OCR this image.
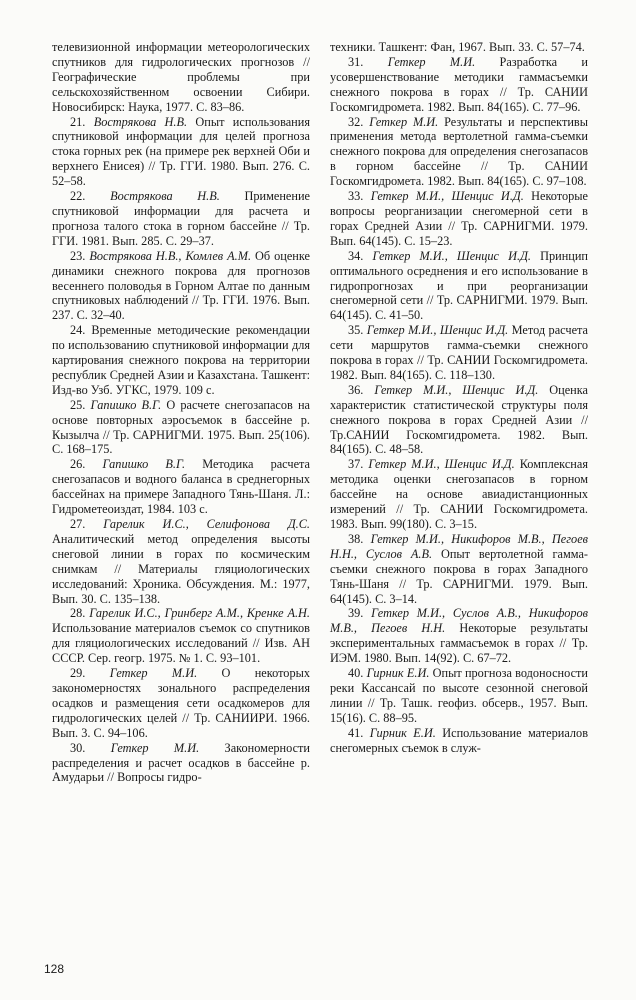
телевизионной информации метеорологических спутников для гидрологических прогнозов // Географические проблемы при сельскохозяйственном освоении Сибири. Новосибирск: Наука, 1977. С. 83–86.

21. Вострякова Н.В. Опыт использования спутниковой информации для целей прогноза стока горных рек (на примере рек верхней Оби и верхнего Енисея) // Тр. ГГИ. 1980. Вып. 276. С. 52–58.

22. Вострякова Н.В. Применение спутниковой информации для расчета и прогноза талого стока в горном бассейне // Тр. ГГИ. 1981. Вып. 285. С. 29–37.

23. Вострякова Н.В., Комлев А.М. Об оценке динамики снежного покрова для прогнозов весеннего половодья в Горном Алтае по данным спутниковых наблюдений // Тр. ГГИ. 1976. Вып. 237. С. 32–40.

24. Временные методические рекомендации по использованию спутниковой информации для картирования снежного покрова на территории республик Средней Азии и Казахстана. Ташкент: Изд-во Узб. УГКС, 1979. 109 с.

25. Гапишко В.Г. О расчете снегозапасов на основе повторных аэросъемок в бассейне р. Кызылча // Тр. САРНИГМИ. 1975. Вып. 25(106). С. 168–175.

26. Гапишко В.Г. Методика расчета снегозапасов и водного баланса в среднегорных бассейнах на примере Западного Тянь-Шаня. Л.: Гидрометеоиздат, 1984. 103 с.

27. Гарелик И.С., Селифонова Д.С. Аналитический метод определения высоты снеговой линии в горах по космическим снимкам // Материалы гляциологических исследований: Хроника. Обсуждения. М.: 1977, Вып. 30. С. 135–138.

28. Гарелик И.С., Гринберг А.М., Кренке А.Н. Использование материалов съемок со спутников для гляциологических исследований // Изв. АН СССР. Сер. геогр. 1975. № 1. С. 93–101.

29. Геткер М.И. О некоторых закономерностях зонального распределения осадков и размещения сети осадкомеров для гидрологических целей // Тр. САНИИРИ. 1966. Вып. 3. С. 94–106.

30. Геткер М.И. Закономерности распределения и расчет осадков в бассейне р. Амударьи // Вопросы гидро-

техники. Ташкент: Фан, 1967. Вып. 33. С. 57–74.

31. Геткер М.И. Разработка и усовершенствование методики гаммасъемки снежного покрова в горах // Тр. САНИИ Госкомгидромета. 1982. Вып. 84(165). С. 77–96.

32. Геткер М.И. Результаты и перспективы применения метода вертолетной гамма-съемки снежного покрова для определения снегозапасов в горном бассейне // Тр. САНИИ Госкомгидромета. 1982. Вып. 84(165). С. 97–108.

33. Геткер М.И., Шенцис И.Д. Некоторые вопросы реорганизации снегомерной сети в горах Средней Азии // Тр. САРНИГМИ. 1979. Вып. 64(145). С. 15–23.

34. Геткер М.И., Шенцис И.Д. Принцип оптимального осреднения и его использование в гидропрогнозах и при реорганизации снегомерной сети // Тр. САРНИГМИ. 1979. Вып. 64(145). С. 41–50.

35. Геткер М.И., Шенцис И.Д. Метод расчета сети маршрутов гамма-съемки снежного покрова в горах // Тр. САНИИ Госкомгидромета. 1982. Вып. 84(165). С. 118–130.

36. Геткер М.И., Шенцис И.Д. Оценка характеристик статистической структуры поля снежного покрова в горах Средней Азии // Тр.САНИИ Госкомгидромета. 1982. Вып. 84(165). С. 48–58.

37. Геткер М.И., Шенцис И.Д. Комплексная методика оценки снегозапасов в горном бассейне на основе авиадистанционных измерений // Тр. САНИИ Госкомгидромета. 1983. Вып. 99(180). С. 3–15.

38. Геткер М.И., Никифоров М.В., Пегоев Н.Н., Суслов А.В. Опыт вертолетной гамма-съемки снежного покрова в горах Западного Тянь-Шаня // Тр. САРНИГМИ. 1979. Вып. 64(145). С. 3–14.

39. Геткер М.И., Суслов А.В., Никифоров М.В., Пегоев Н.Н. Некоторые результаты экспериментальных гаммасъемок в горах // Тр. ИЭМ. 1980. Вып. 14(92). С. 67–72.

40. Гирник Е.И. Опыт прогноза водоносности реки Кассансай по высоте сезонной снеговой линии // Тр. Ташк. геофиз. обсерв., 1957. Вып. 15(16). С. 88–95.

41. Гирник Е.И. Использование материалов снегомерных съемок в служ-

128
